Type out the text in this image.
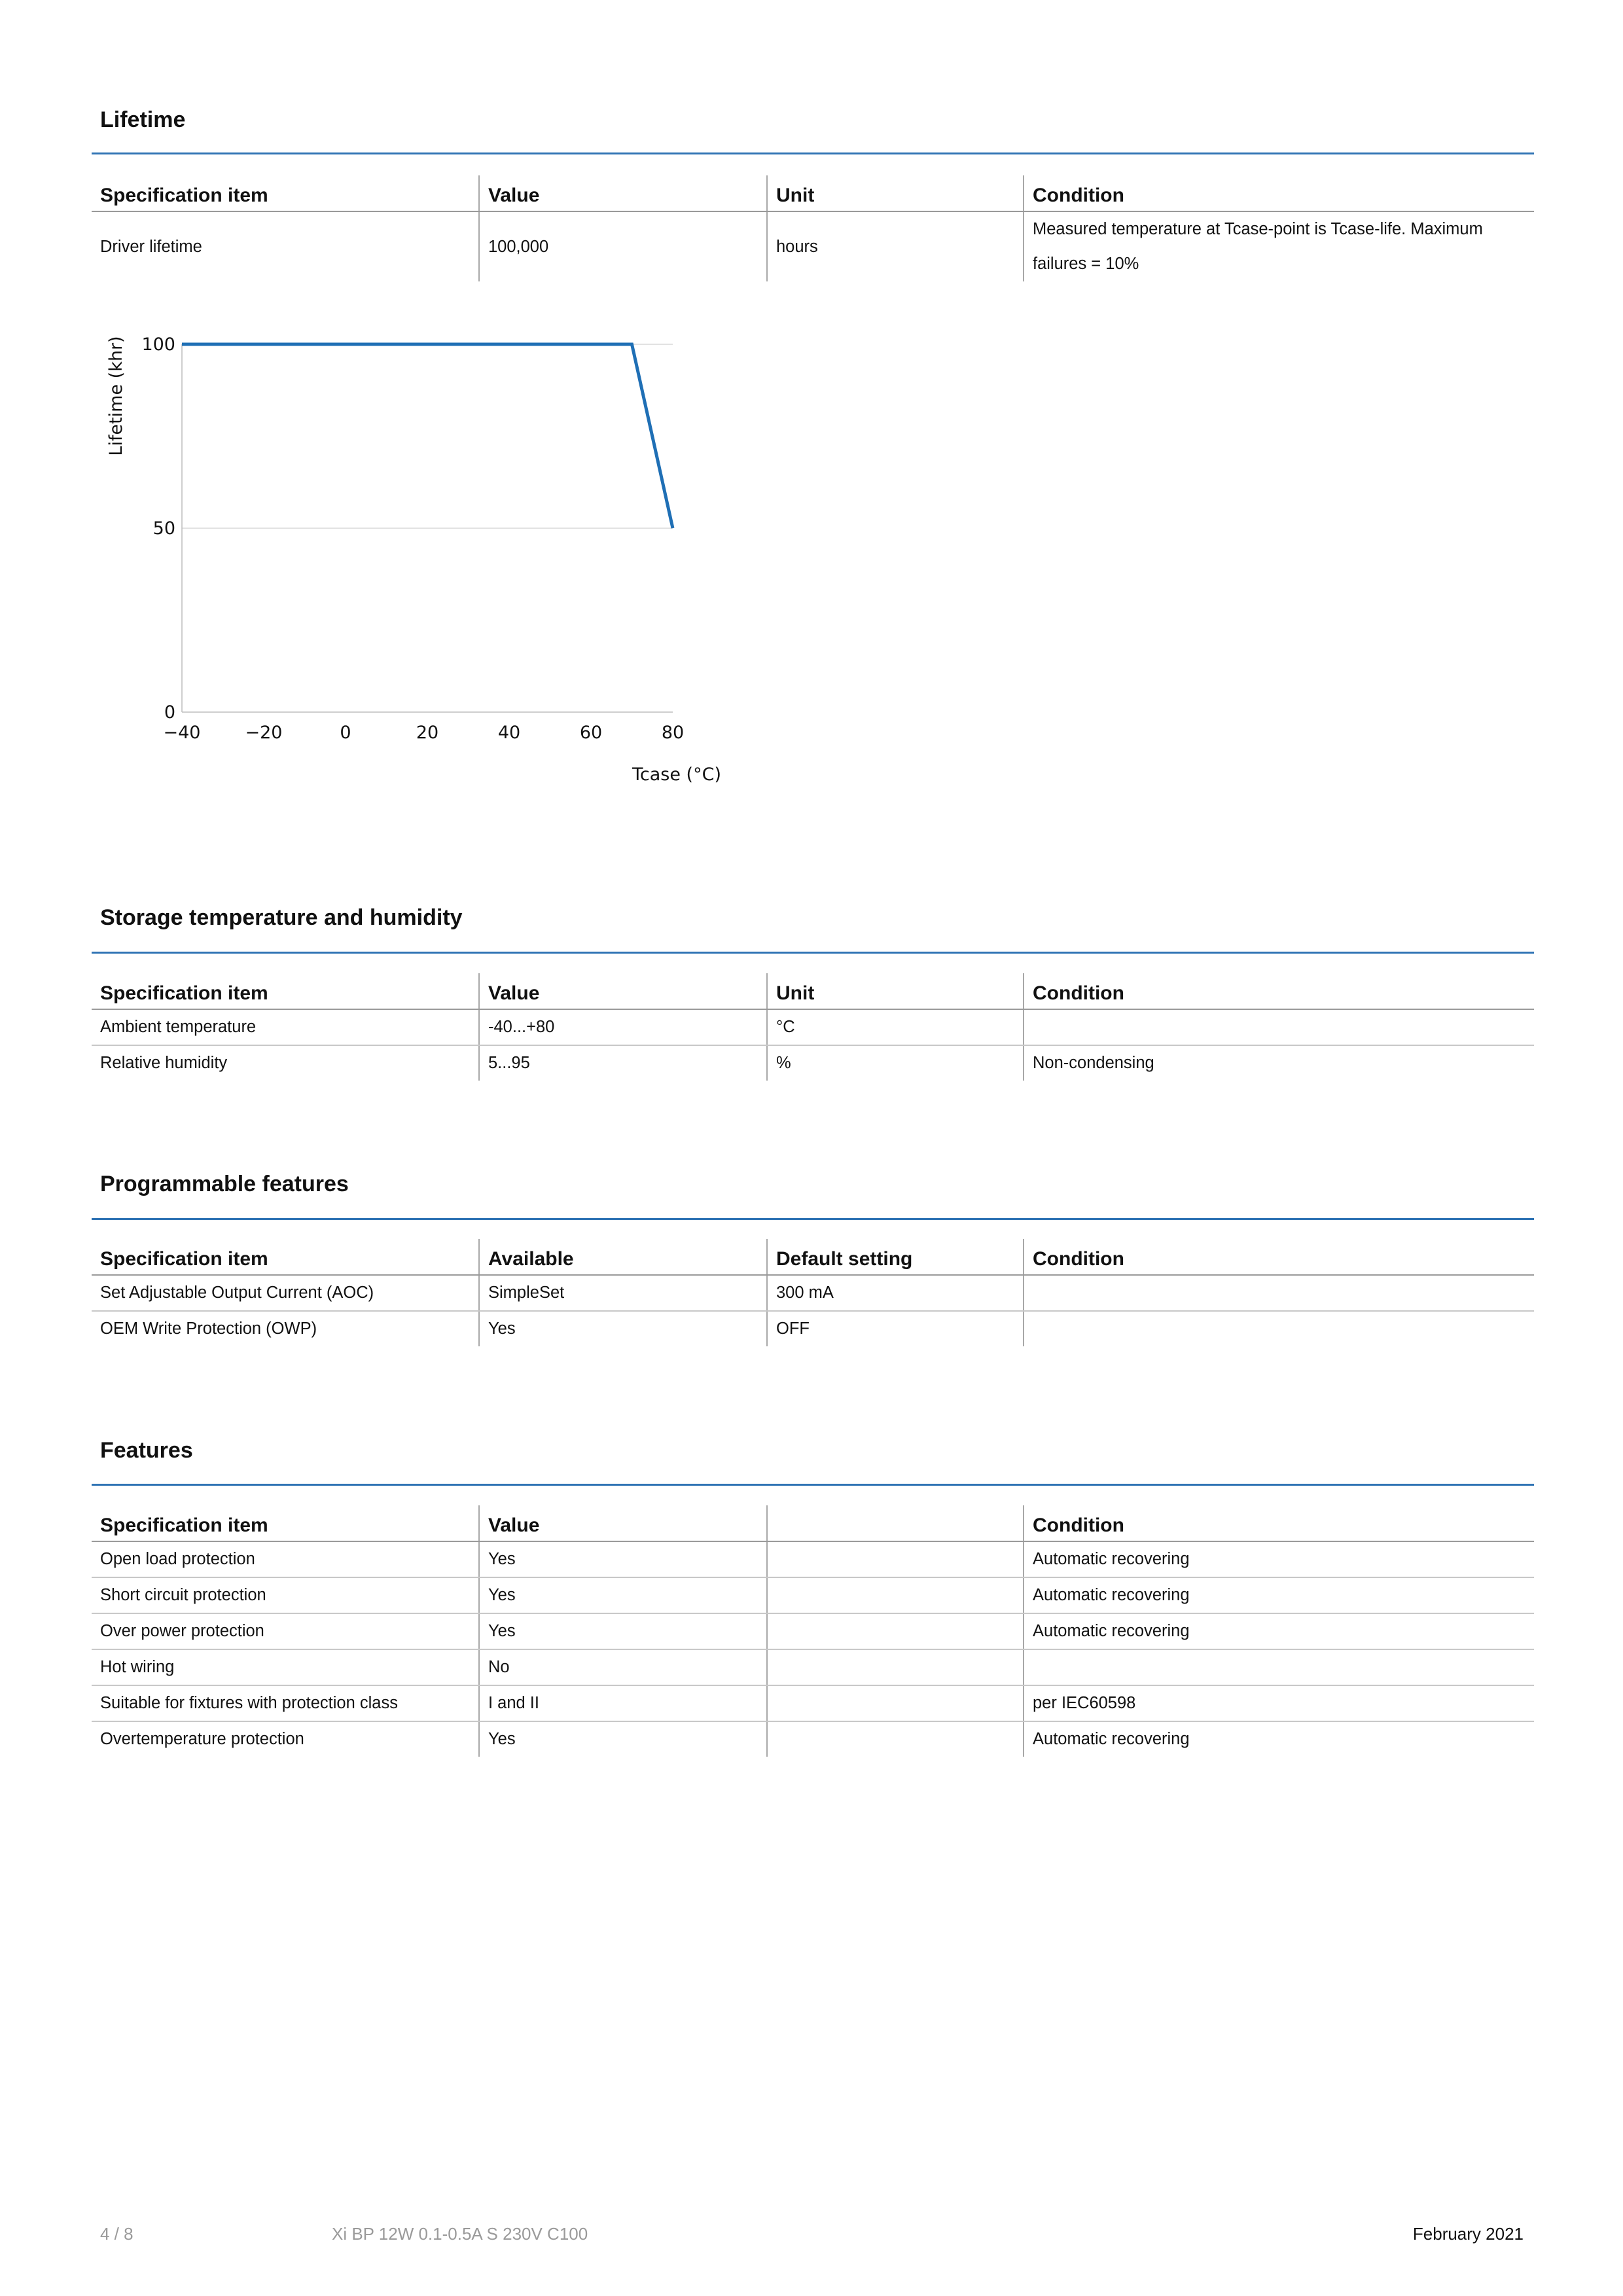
Lifetime
Specification item	Value	Unit	Condition
Driver lifetime	100,000	hours	Measured temperature at Tcase-point is Tcase-life. Maximum failures = 10%
0
50
100
−40	−20	0	20	40	60	80
Lifetime (khr)
Tcase (°C)
Storage temperature and humidity
Specification item	Value	Unit	Condition
Ambient temperature	-40...+80	°C	
Relative humidity	5...95	%	Non-condensing
Programmable features
Specification item	Available	Default setting	Condition
Set Adjustable Output Current (AOC)	SimpleSet	300 mA	
OEM Write Protection (OWP)	Yes	OFF	
Features
Specification item	Value		Condition
Open load protection	Yes		Automatic recovering
Short circuit protection	Yes		Automatic recovering
Over power protection	Yes		Automatic recovering
Hot wiring	No		
Suitable for fixtures with protection class	I and II		per IEC60598
Overtemperature protection	Yes		Automatic recovering
4 / 8	Xi BP 12W 0.1-0.5A S 230V C100	February 2021
